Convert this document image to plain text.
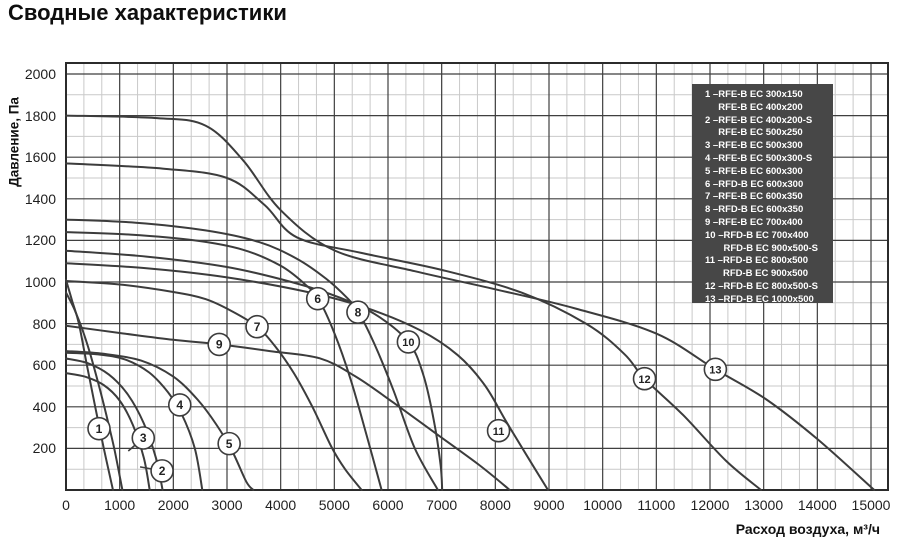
Сводные характеристики
1
2
3
4
5
6
7
8
9	10
11
12
13
Давление, Па
Расход воздуха, м³/ч
0 1000 2000 3000 4000 5000 6000 7000 8000 9000 10000 11000 12000 13000 14000 15000
200
400
600
800
1000
1200
1400
1600
1800
2000
1 –RFE-B EC 300x150
RFE-B EC 400x200
2 –RFE-B EC 400x200-S
RFE-B EC 500x250
3 –RFE-B EC 500x300
4 –RFE-B EC 500x300-S
5 –RFE-B EC 600x300
6 –RFD-B EC 600x300
7 –RFE-B EC 600x350
8 –RFD-B EC 600x350
9 –RFE-B EC 700x400
10 –RFD-B EC 700x400
RFD-B EC 900x500-S
11 –RFD-B EC 800x500
RFD-B EC 900x500
12 –RFD-B EC 800x500-S
13 –RFD-B EC 1000x500
